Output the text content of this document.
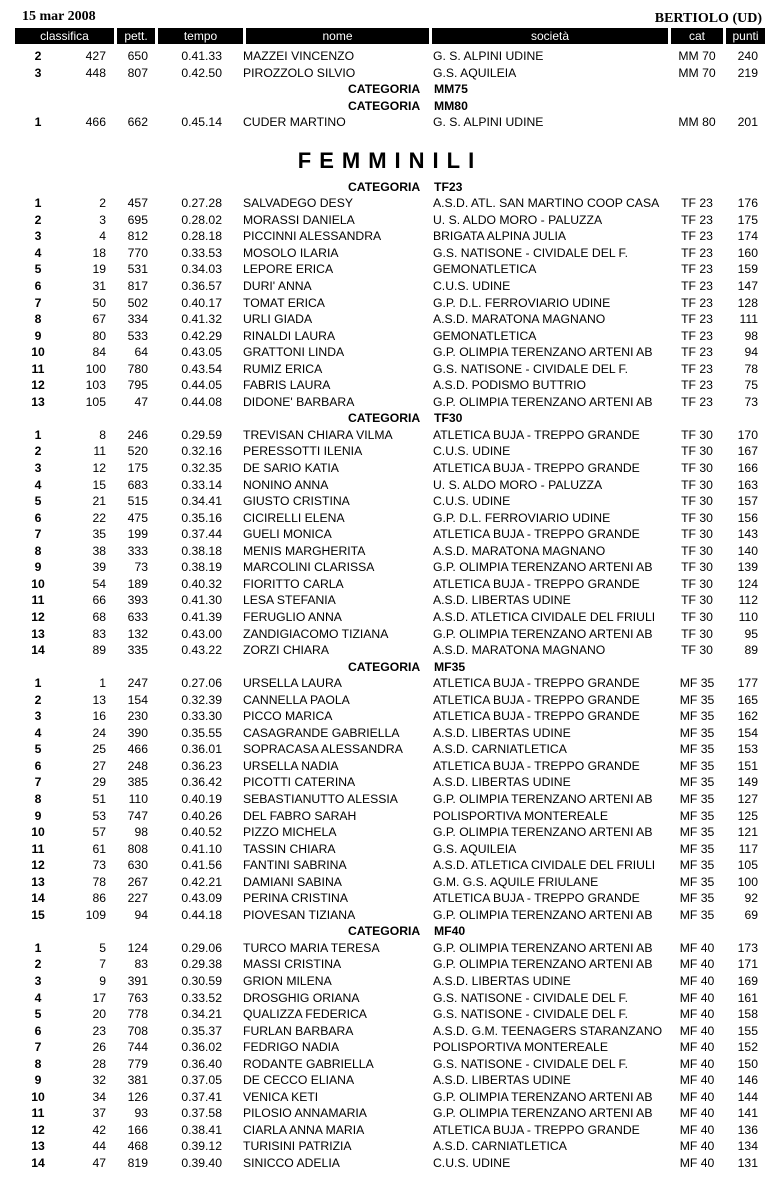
15 mar 2008	BERTIOLO (UD)
classifica	pett.	tempo	nome	società	cat	punti
2	427	650	0.41.33 MAZZEI VINCENZO	G. S. ALPINI UDINE	MM 70	240
3	448	807	0.42.50 PIROZZOLO SILVIO	G.S. AQUILEIA	MM 70	219
CATEGORIA MM75
CATEGORIA MM80
1	466	662	0.45.14 CUDER MARTINO	G. S. ALPINI UDINE	MM 80	201
FEMMINILI
CATEGORIA TF23
1	2	457	0.27.28 SALVADEGO DESY	A.S.D. ATL. SAN MARTINO COOP CASA	TF 23	176
2	3	695	0.28.02 MORASSI DANIELA	U. S. ALDO MORO - PALUZZA	TF 23	175
3	4	812	0.28.18 PICCINNI ALESSANDRA	BRIGATA ALPINA JULIA	TF 23	174
4	18	770	0.33.53 MOSOLO ILARIA	G.S. NATISONE - CIVIDALE DEL F.	TF 23	160
5	19	531	0.34.03 LEPORE ERICA	GEMONATLETICA	TF 23	159
6	31	817	0.36.57 DURI' ANNA	C.U.S. UDINE	TF 23	147
7	50	502	0.40.17 TOMAT ERICA	G.P. D.L. FERROVIARIO UDINE	TF 23	128
8	67	334	0.41.32 URLI GIADA	A.S.D. MARATONA MAGNANO	TF 23	111
9	80	533	0.42.29 RINALDI LAURA	GEMONATLETICA	TF 23	98
10	84	64	0.43.05 GRATTONI LINDA	G.P. OLIMPIA TERENZANO ARTENI AB	TF 23	94
11	100	780	0.43.54 RUMIZ ERICA	G.S. NATISONE - CIVIDALE DEL F.	TF 23	78
12	103	795	0.44.05 FABRIS LAURA	A.S.D. PODISMO BUTTRIO	TF 23	75
13	105	47	0.44.08 DIDONE' BARBARA	G.P. OLIMPIA TERENZANO ARTENI AB	TF 23	73
CATEGORIA TF30
1	8	246	0.29.59 TREVISAN CHIARA VILMA	ATLETICA BUJA - TREPPO GRANDE	TF 30	170
2	11	520	0.32.16 PERESSOTTI ILENIA	C.U.S. UDINE	TF 30	167
3	12	175	0.32.35 DE SARIO KATIA	ATLETICA BUJA - TREPPO GRANDE	TF 30	166
4	15	683	0.33.14 NONINO ANNA	U. S. ALDO MORO - PALUZZA	TF 30	163
5	21	515	0.34.41 GIUSTO CRISTINA	C.U.S. UDINE	TF 30	157
6	22	475	0.35.16 CICIRELLI ELENA	G.P. D.L. FERROVIARIO UDINE	TF 30	156
7	35	199	0.37.44 GUELI MONICA	ATLETICA BUJA - TREPPO GRANDE	TF 30	143
8	38	333	0.38.18 MENIS MARGHERITA	A.S.D. MARATONA MAGNANO	TF 30	140
9	39	73	0.38.19 MARCOLINI CLARISSA	G.P. OLIMPIA TERENZANO ARTENI AB	TF 30	139
10	54	189	0.40.32 FIORITTO CARLA	ATLETICA BUJA - TREPPO GRANDE	TF 30	124
11	66	393	0.41.30 LESA STEFANIA	A.S.D. LIBERTAS UDINE	TF 30	112
12	68	633	0.41.39 FERUGLIO ANNA	A.S.D. ATLETICA CIVIDALE DEL FRIULI	TF 30	110
13	83	132	0.43.00 ZANDIGIACOMO TIZIANA	G.P. OLIMPIA TERENZANO ARTENI AB	TF 30	95
14	89	335	0.43.22 ZORZI CHIARA	A.S.D. MARATONA MAGNANO	TF 30	89
CATEGORIA MF35
1	1	247	0.27.06 URSELLA LAURA	ATLETICA BUJA - TREPPO GRANDE	MF 35	177
2	13	154	0.32.39 CANNELLA PAOLA	ATLETICA BUJA - TREPPO GRANDE	MF 35	165
3	16	230	0.33.30 PICCO MARICA	ATLETICA BUJA - TREPPO GRANDE	MF 35	162
4	24	390	0.35.55 CASAGRANDE GABRIELLA	A.S.D. LIBERTAS UDINE	MF 35	154
5	25	466	0.36.01 SOPRACASA ALESSANDRA	A.S.D. CARNIATLETICA	MF 35	153
6	27	248	0.36.23 URSELLA NADIA	ATLETICA BUJA - TREPPO GRANDE	MF 35	151
7	29	385	0.36.42 PICOTTI CATERINA	A.S.D. LIBERTAS UDINE	MF 35	149
8	51	110	0.40.19 SEBASTIANUTTO ALESSIA	G.P. OLIMPIA TERENZANO ARTENI AB	MF 35	127
9	53	747	0.40.26 DEL FABRO SARAH	POLISPORTIVA MONTEREALE	MF 35	125
10	57	98	0.40.52 PIZZO MICHELA	G.P. OLIMPIA TERENZANO ARTENI AB	MF 35	121
11	61	808	0.41.10 TASSIN CHIARA	G.S. AQUILEIA	MF 35	117
12	73	630	0.41.56 FANTINI SABRINA	A.S.D. ATLETICA CIVIDALE DEL FRIULI	MF 35	105
13	78	267	0.42.21 DAMIANI SABINA	G.M. G.S. AQUILE FRIULANE	MF 35	100
14	86	227	0.43.09 PERINA CRISTINA	ATLETICA BUJA - TREPPO GRANDE	MF 35	92
15	109	94	0.44.18 PIOVESAN TIZIANA	G.P. OLIMPIA TERENZANO ARTENI AB	MF 35	69
CATEGORIA MF40
1	5	124	0.29.06 TURCO MARIA TERESA	G.P. OLIMPIA TERENZANO ARTENI AB	MF 40	173
2	7	83	0.29.38 MASSI CRISTINA	G.P. OLIMPIA TERENZANO ARTENI AB	MF 40	171
3	9	391	0.30.59 GRION MILENA	A.S.D. LIBERTAS UDINE	MF 40	169
4	17	763	0.33.52 DROSGHIG ORIANA	G.S. NATISONE - CIVIDALE DEL F.	MF 40	161
5	20	778	0.34.21 QUALIZZA FEDERICA	G.S. NATISONE - CIVIDALE DEL F.	MF 40	158
6	23	708	0.35.37 FURLAN BARBARA	A.S.D. G.M. TEENAGERS STARANZANO	MF 40	155
7	26	744	0.36.02 FEDRIGO NADIA	POLISPORTIVA MONTEREALE	MF 40	152
8	28	779	0.36.40 RODANTE GABRIELLA	G.S. NATISONE - CIVIDALE DEL F.	MF 40	150
9	32	381	0.37.05 DE CECCO ELIANA	A.S.D. LIBERTAS UDINE	MF 40	146
10	34	126	0.37.41 VENICA KETI	G.P. OLIMPIA TERENZANO ARTENI AB	MF 40	144
11	37	93	0.37.58 PILOSIO ANNAMARIA	G.P. OLIMPIA TERENZANO ARTENI AB	MF 40	141
12	42	166	0.38.41 CIARLA ANNA MARIA	ATLETICA BUJA - TREPPO GRANDE	MF 40	136
13	44	468	0.39.12 TURISINI PATRIZIA	A.S.D. CARNIATLETICA	MF 40	134
14	47	819	0.39.40 SINICCO ADELIA	C.U.S. UDINE	MF 40	131
